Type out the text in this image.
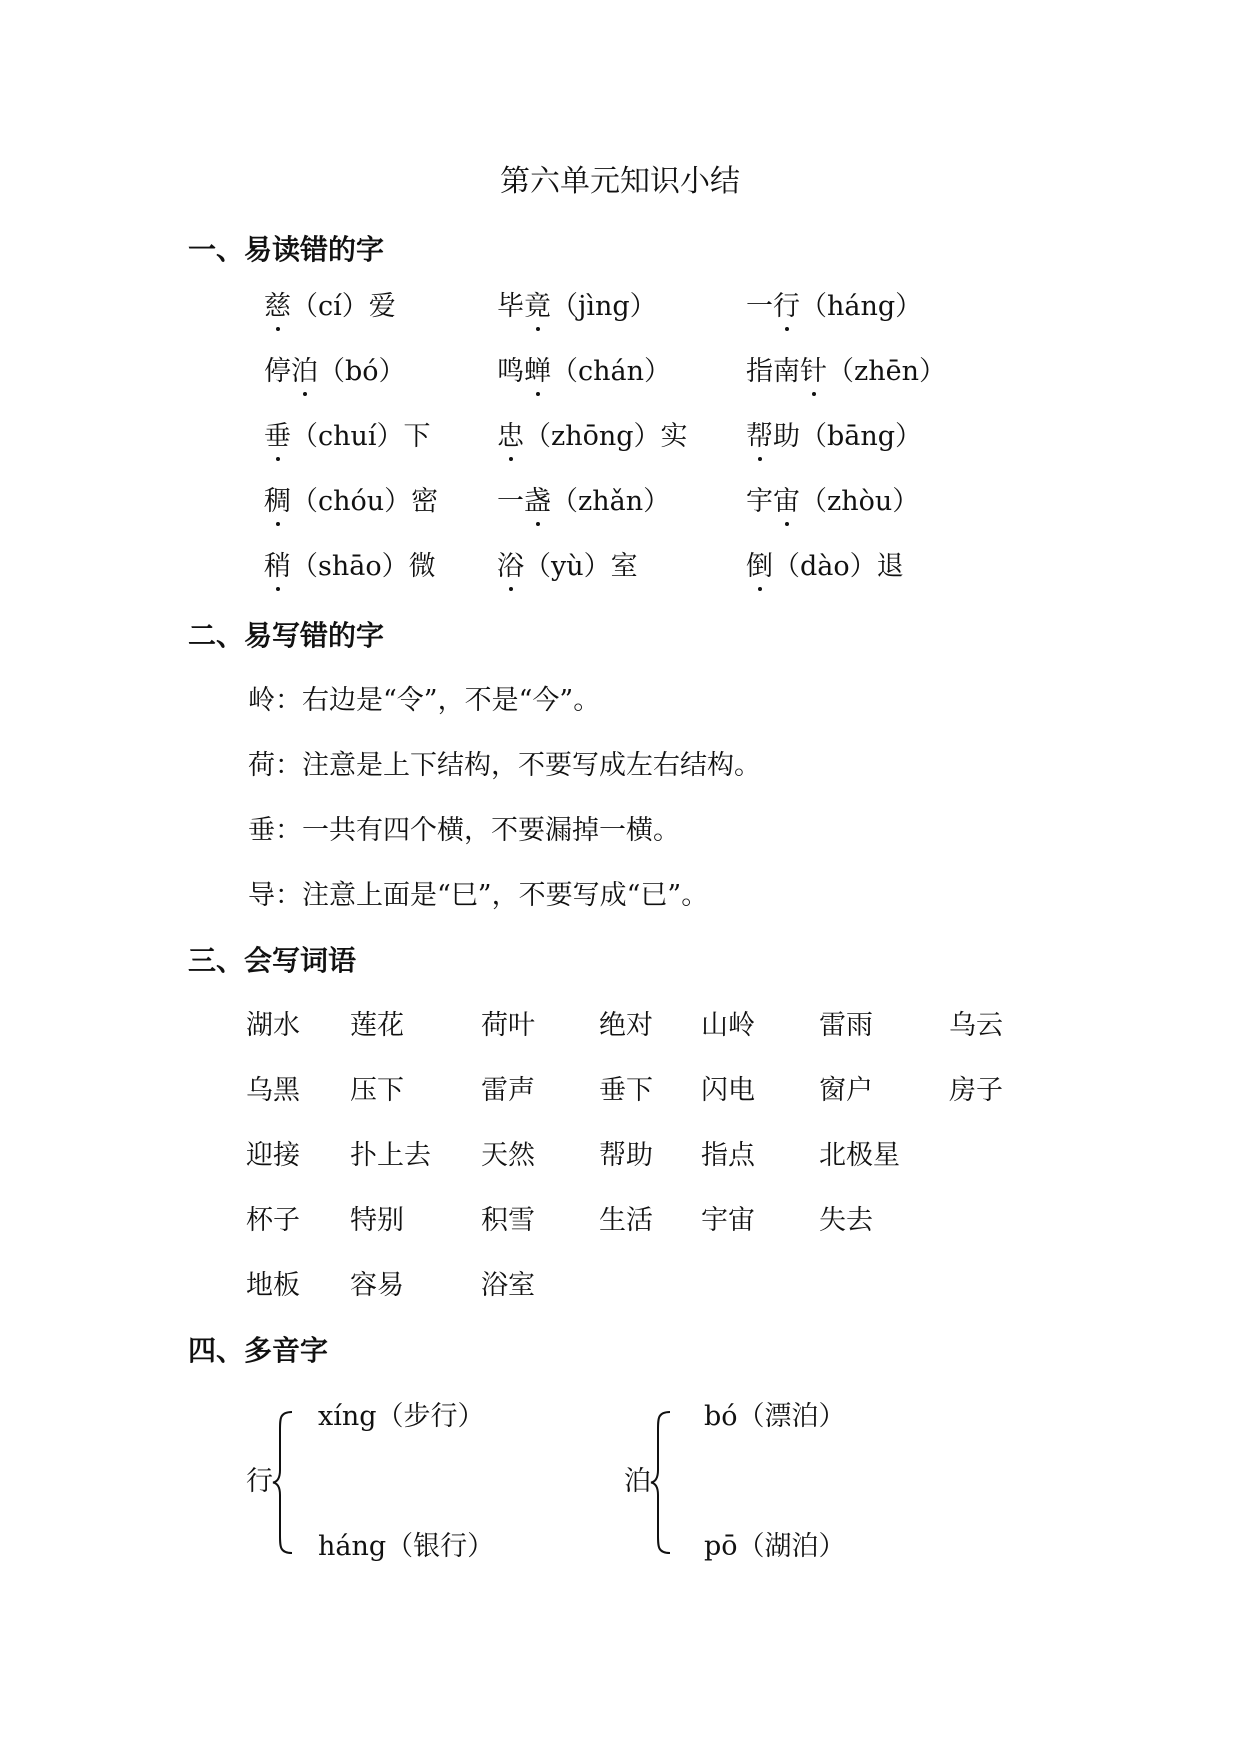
第六单元知识小结
一、易读错的字
慈（cí）爱	毕竟（jìng）	一行（háng）
停泊（bó）	鸣蝉（chán）	指南针（zhēn）
垂（chuí）下 忠（zhōng）实 帮助（bāng）
稠（chóu）密 一盏（zhǎn）	宇宙（zhòu）
稍（shāo）微 浴（yù）室	倒（dào）退
二、易写错的字
岭：右边是“令”，不是“今”。
荷：注意是上下结构，不要写成左右结构。
垂：一共有四个横，不要漏掉一横。
导：注意上面是“巳”，不要写成“已”。
三、会写词语
湖水 莲花	荷叶 绝对 山岭 雷雨	乌云
乌黑 压下	雷声 垂下 闪电 窗户	房子
迎接 扑上去 天然 帮助 指点 北极星
杯子 特别	积雪 生活 宇宙 失去
地板 容易	浴室
四、多音字
行
xíng（步行）
háng（银行）
泊
bó（漂泊）
pō（湖泊）
